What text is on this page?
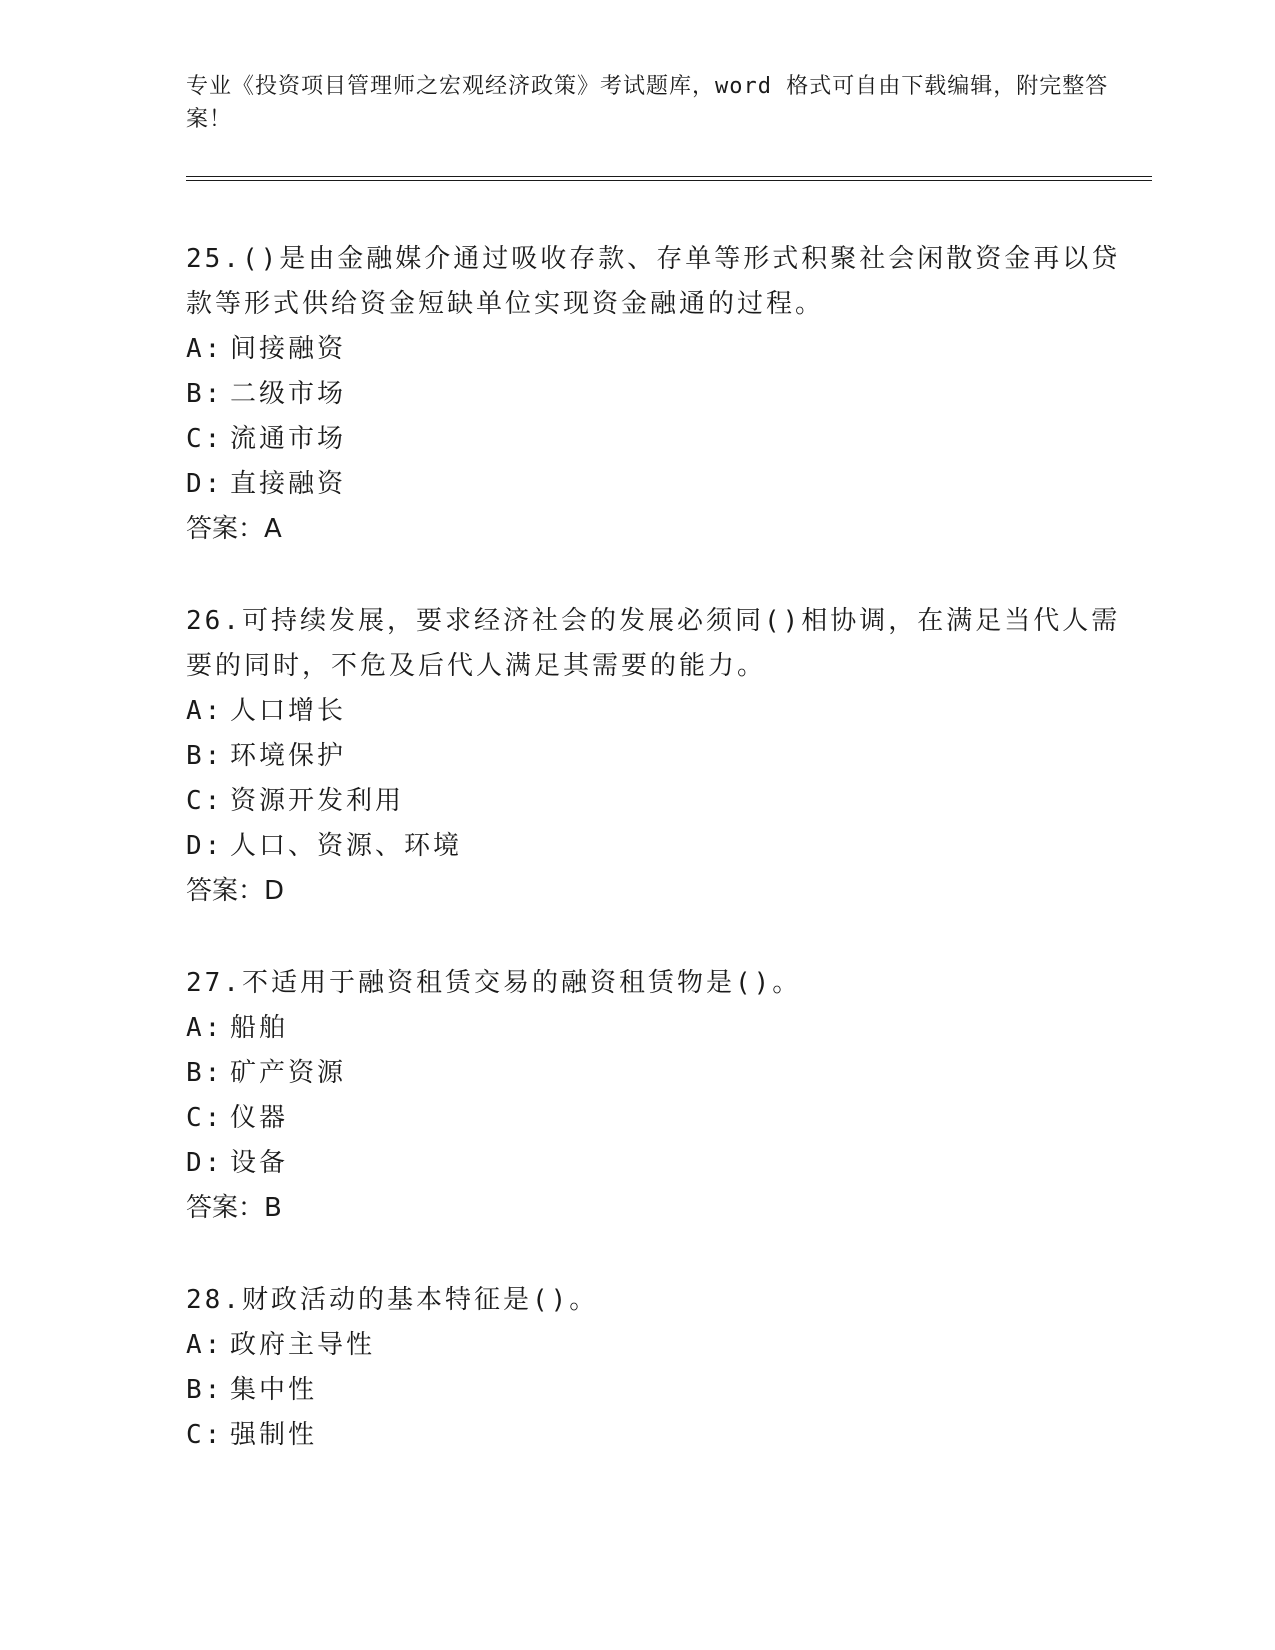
专业《投资项目管理师之宏观经济政策》考试题库，word 格式可自由下载编辑，附完整答案！

25.()是由金融媒介通过吸收存款、存单等形式积聚社会闲散资金再以贷款等形式供给资金短缺单位实现资金融通的过程。

A: 间接融资

B: 二级市场

C: 流通市场

D: 直接融资

答案：A

26.可持续发展，要求经济社会的发展必须同()相协调，在满足当代人需要的同时，不危及后代人满足其需要的能力。

A: 人口增长

B: 环境保护

C: 资源开发利用

D: 人口、资源、环境

答案：D

27.不适用于融资租赁交易的融资租赁物是()。

A: 船舶

B: 矿产资源

C: 仪器

D: 设备

答案：B

28.财政活动的基本特征是()。

A: 政府主导性

B: 集中性

C: 强制性
